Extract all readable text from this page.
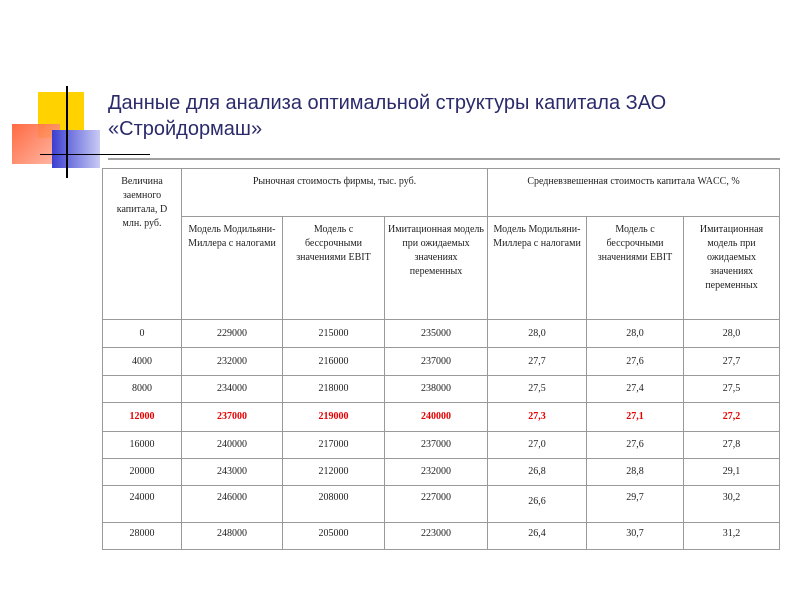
Данные для анализа оптимальной структуры капитала ЗАО
«Стройдормаш»
Величина заемного капитала, D млн. руб.	Рыночная стоимость фирмы, тыс. руб.			Средневзвешенная стоимость капитала WACC, %		
	Модель Модильяни-Миллера с налогами	Модель с бессрочными значениями EBIT	Имитационная модель при ожидаемых значениях переменных	Модель Модильяни-Миллера с налогами	Модель с бессрочными значениями EBIT	Имитационная модель при ожидаемых значениях переменных
0	229000	215000	235000	28,0	28,0	28,0
4000	232000	216000	237000	27,7	27,6	27,7
8000	234000	218000	238000	27,5	27,4	27,5
12000	237000	219000	240000	27,3	27,1	27,2
16000	240000	217000	237000	27,0	27,6	27,8
20000	243000	212000	232000	26,8	28,8	29,1
24000	246000	208000	227000	26,6	29,7	30,2
28000	248000	205000	223000	26,4	30,7	31,2
